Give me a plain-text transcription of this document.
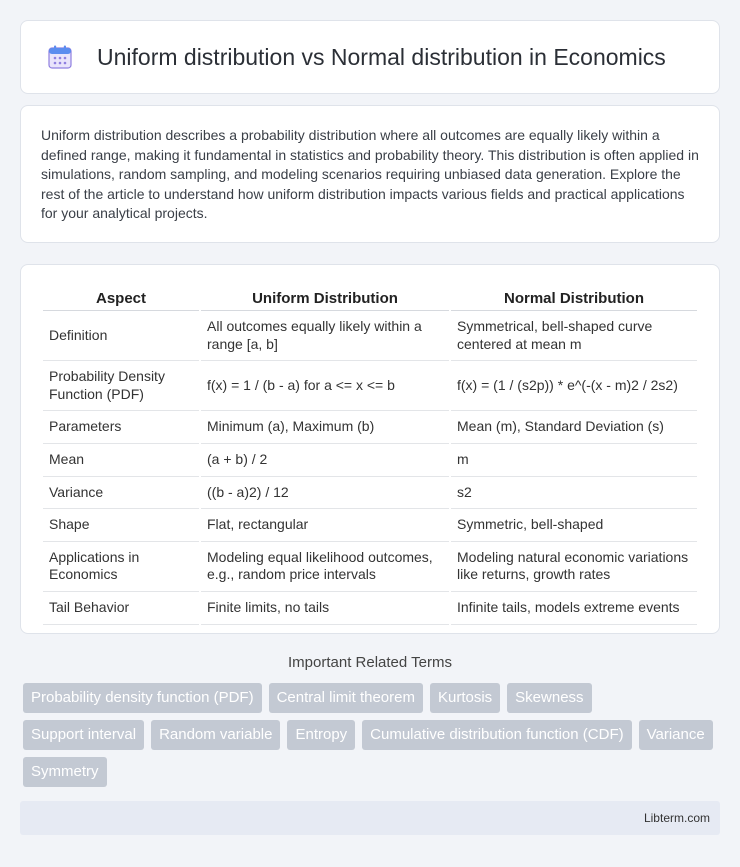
Uniform distribution vs Normal distribution in Economics

Uniform distribution describes a probability distribution where all outcomes are equally likely within a defined range, making it fundamental in statistics and probability theory. This distribution is often applied in simulations, random sampling, and modeling scenarios requiring unbiased data generation. Explore the rest of the article to understand how uniform distribution impacts various fields and practical applications for your analytical projects.

Aspect	Uniform Distribution	Normal Distribution
Definition	All outcomes equally likely within a range [a, b]	Symmetrical, bell-shaped curve centered at mean m
Probability Density Function (PDF)	f(x) = 1 / (b - a) for a <= x <= b	f(x) = (1 / (s2p)) * e^(-(x - m)2 / 2s2)
Parameters	Minimum (a), Maximum (b)	Mean (m), Standard Deviation (s)
Mean	(a + b) / 2	m
Variance	((b - a)2) / 12	s2
Shape	Flat, rectangular	Symmetric, bell-shaped
Applications in Economics	Modeling equal likelihood outcomes, e.g., random price intervals	Modeling natural economic variations like returns, growth rates
Tail Behavior	Finite limits, no tails	Infinite tails, models extreme events
Important Related Terms
Probability density function (PDF)	Central limit theorem	Kurtosis	Skewness
Support interval	Random variable	Entropy	Cumulative distribution function (CDF)	Variance
Symmetry
Libterm.com
